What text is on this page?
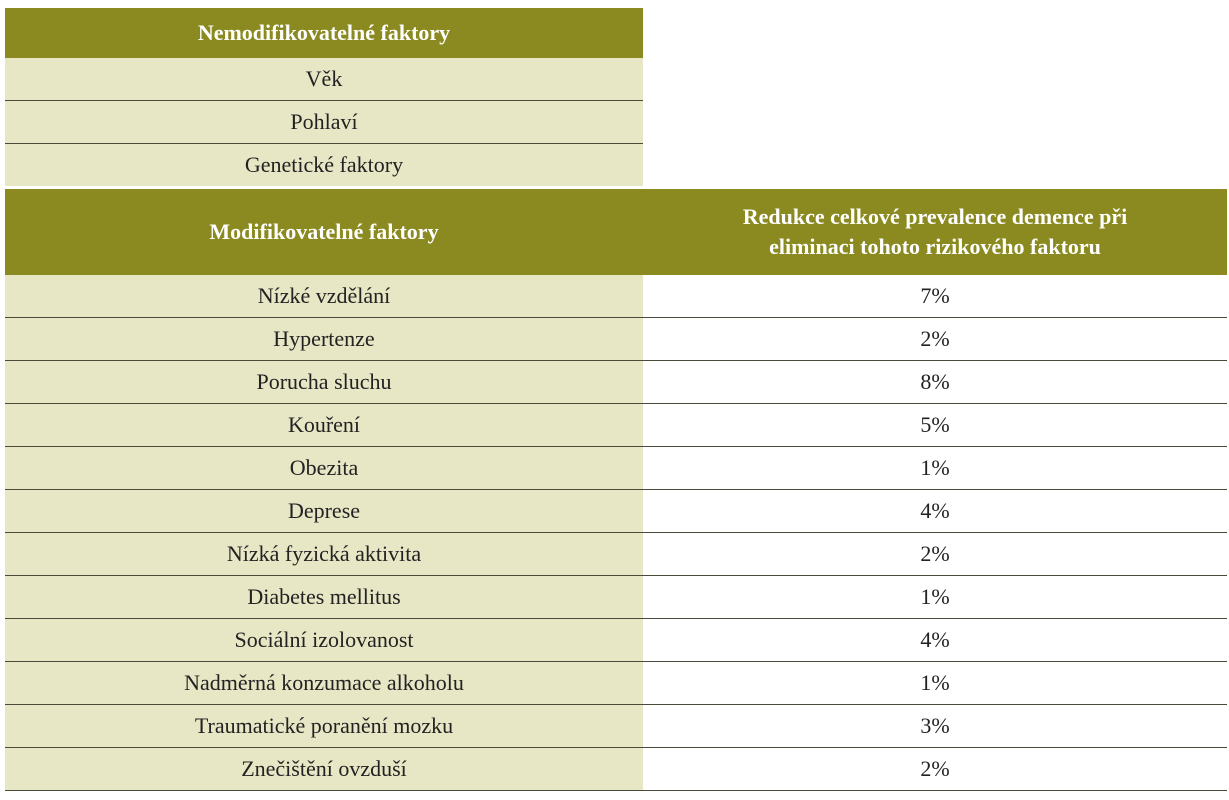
Nemodifikovatelné faktory
Věk
Pohlaví
Genetické faktory
Modifikovatelné faktory	Redukce celkové prevalence demence při
eliminaci tohoto rizikového faktoru
Nízké vzdělání	7%
Hypertenze	2%
Porucha sluchu	8%
Kouření	5%
Obezita	1%
Deprese	4%
Nízká fyzická aktivita	2%
Diabetes mellitus	1%
Sociální izolovanost	4%
Nadměrná konzumace alkoholu	1%
Traumatické poranění mozku	3%
Znečištění ovzduší	2%
